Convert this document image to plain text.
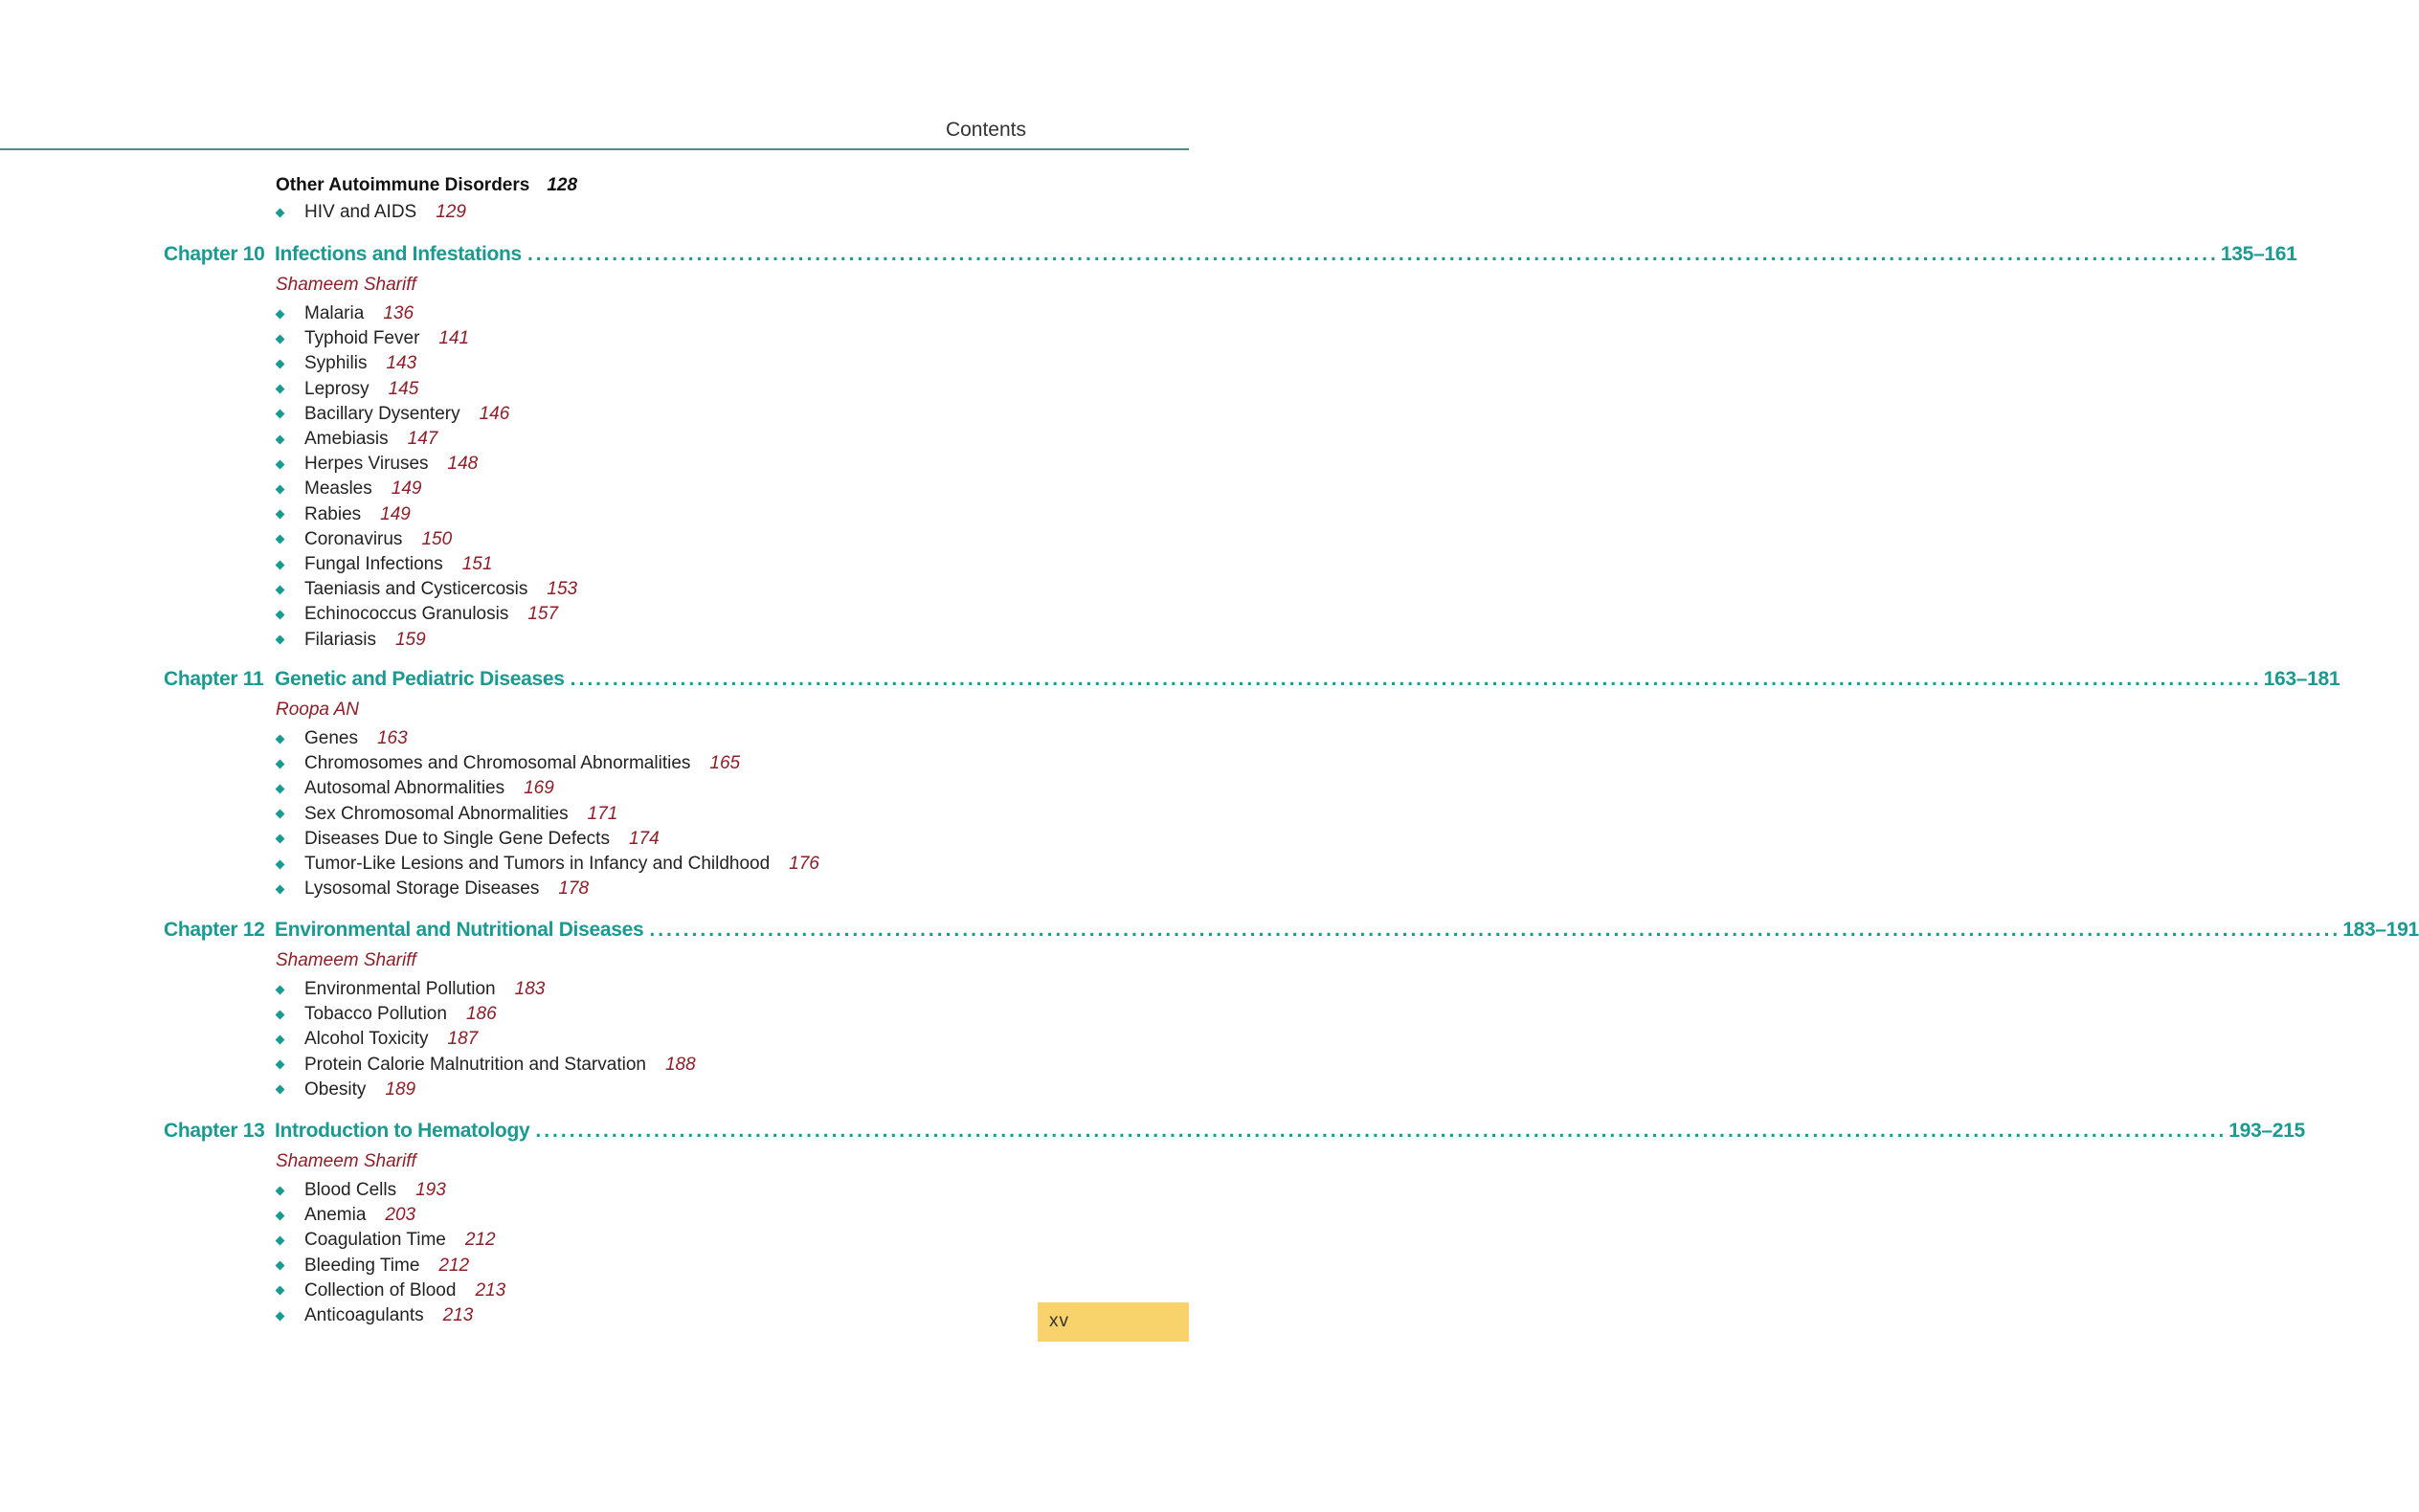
Contents
Other Autoimmune Disorders 128
HIV and AIDS 129
Chapter 10 Infections and Infestations ........................................................................................................................................................................................................ 135–161
Shameem Shariff
Malaria 136
Typhoid Fever 141
Syphilis 143
Leprosy 145
Bacillary Dysentery 146
Amebiasis 147
Herpes Viruses 148
Measles 149
Rabies 149
Coronavirus 150
Fungal Infections 151
Taeniasis and Cysticercosis 153
Echinococcus Granulosis 157
Filariasis 159
Chapter 11 Genetic and Pediatric Diseases ........................................................................................................................................................................................................ 163–181
Roopa AN
Genes 163
Chromosomes and Chromosomal Abnormalities 165
Autosomal Abnormalities 169
Sex Chromosomal Abnormalities 171
Diseases Due to Single Gene Defects 174
Tumor-Like Lesions and Tumors in Infancy and Childhood 176
Lysosomal Storage Diseases 178
Chapter 12 Environmental and Nutritional Diseases ........................................................................................................................................................................................................ 183–191
Shameem Shariff
Environmental Pollution 183
Tobacco Pollution 186
Alcohol Toxicity 187
Protein Calorie Malnutrition and Starvation 188
Obesity 189
Chapter 13 Introduction to Hematology ........................................................................................................................................................................................................ 193–215
Shameem Shariff
Blood Cells 193
Anemia 203
Coagulation Time 212
Bleeding Time 212
Collection of Blood 213
Anticoagulants 213	xv
